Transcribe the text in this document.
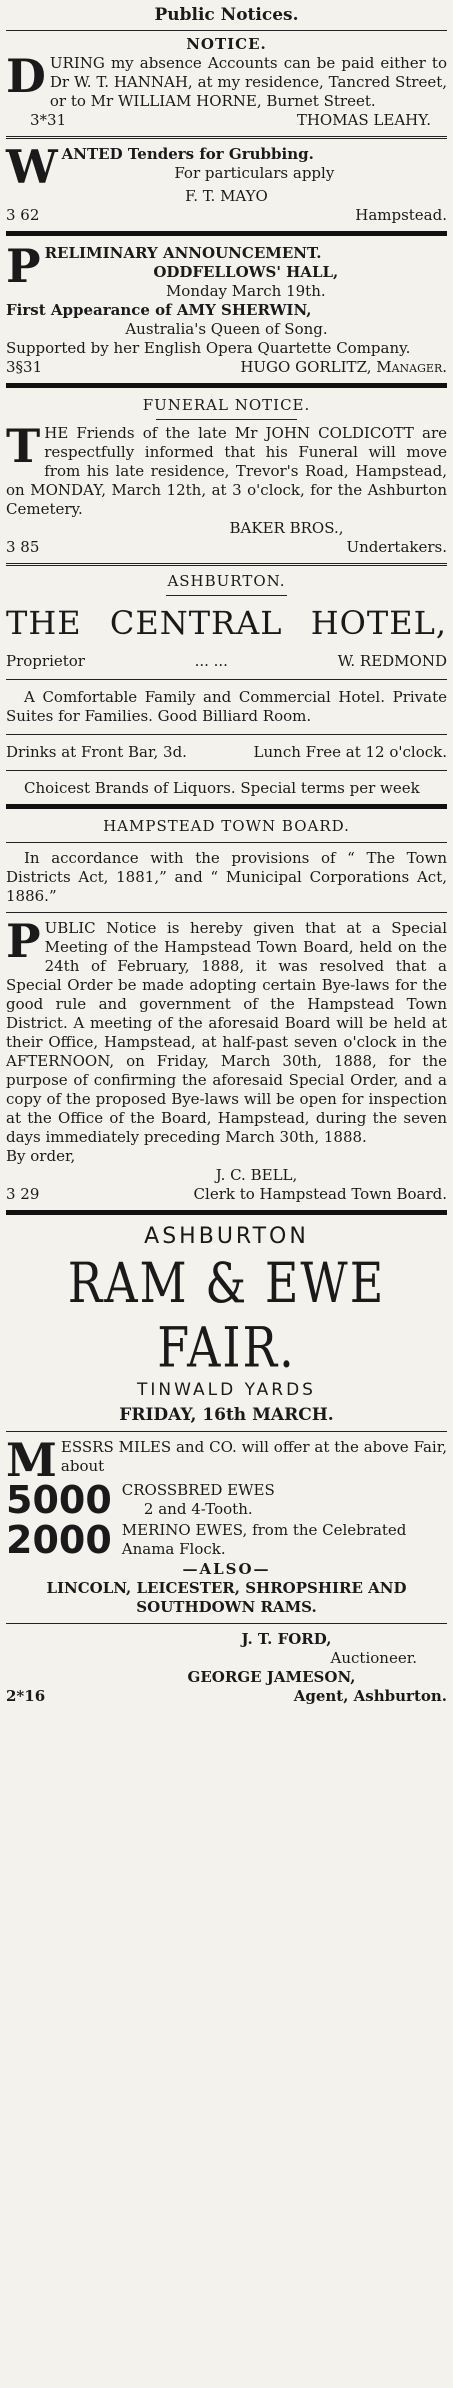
Public Notices.
NOTICE.
D URING my absence Accounts can be paid either to Dr W. T. HANNAH, at my residence, Tancred Street, or to Mr WILLIAM HORNE, Burnet Street.
3*31	THOMAS LEAHY.
W ANTED Tenders for Grubbing.
For particulars apply
F. T. MAYO
3 62	Hampstead.
P RELIMINARY ANNOUNCEMENT.
ODDFELLOWS' HALL,
Monday March 19th.
First Appearance of AMY SHERWIN,
Australia's Queen of Song.
Supported by her English Opera Quartette Company.
3§31	HUGO GORLITZ, Manager.
FUNERAL NOTICE.
T HE Friends of the late Mr JOHN COLDICOTT are respectfully informed that his Funeral will move from his late residence, Trevor's Road, Hampstead, on MONDAY, March 12th, at 3 o'clock, for the Ashburton Cemetery.
BAKER BROS.,
3 85	Undertakers.
ASHBURTON.
THE CENTRAL HOTEL,
Proprietor	... ...	W. REDMOND
A Comfortable Family and Commercial Hotel. Private Suites for Families. Good Billiard Room.
Drinks at Front Bar, 3d.	Lunch Free at 12 o'clock.
Choicest Brands of Liquors. Special terms per week
HAMPSTEAD TOWN BOARD.
In accordance with the provisions of “ The Town Districts Act, 1881,” and “ Municipal Corporations Act, 1886.”
P UBLIC Notice is hereby given that at a Special Meeting of the Hampstead Town Board, held on the 24th of February, 1888, it was resolved that a Special Order be made adopting certain Bye-laws for the good rule and government of the Hampstead Town District. A meeting of the aforesaid Board will be held at their Office, Hampstead, at half-past seven o'clock in the AFTERNOON, on Friday, March 30th, 1888, for the purpose of confirming the aforesaid Special Order, and a copy of the proposed Bye-laws will be open for inspection at the Office of the Board, Hampstead, during the seven days immediately preceding March 30th, 1888.
By order,
J. C. BELL,
3 29	Clerk to Hampstead Town Board.
ASHBURTON
RAM & EWE FAIR.
TINWALD YARDS
FRIDAY, 16th MARCH.
M ESSRS MILES and CO. will offer at the above Fair, about
5000 CROSSBRED EWES
2 and 4-Tooth.
2000 MERINO EWES, from the Celebrated Anama Flock.
—ALSO—
LINCOLN, LEICESTER, SHROPSHIRE AND SOUTHDOWN RAMS.
J. T. FORD,
Auctioneer.
GEORGE JAMESON,
2*16	Agent, Ashburton.
